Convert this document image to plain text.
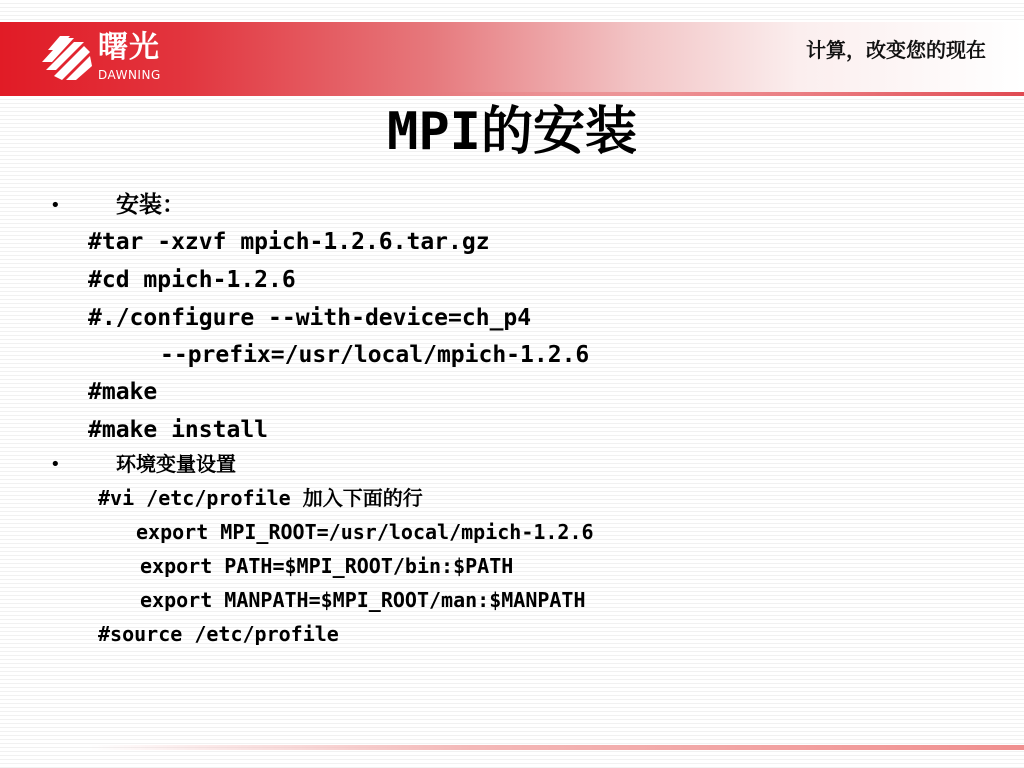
曙光
DAWNING
计算，改变您的现在
MPI的安装
• 安装：
#tar -xzvf mpich-1.2.6.tar.gz
#cd mpich-1.2.6
#./configure --with-device=ch_p4
--prefix=/usr/local/mpich-1.2.6
#make
#make install
•	环境变量设置
#vi /etc/profile 加入下面的行
export MPI_ROOT=/usr/local/mpich-1.2.6
export PATH=$MPI_ROOT/bin:$PATH
export MANPATH=$MPI_ROOT/man:$MANPATH
#source /etc/profile
